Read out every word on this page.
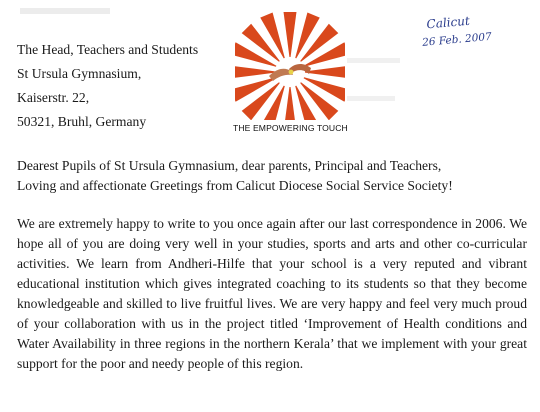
The Head, Teachers and Students
St Ursula Gymnasium,
Kaiserstr. 22,
50321, Bruhl, Germany	THE EMPOWERING TOUCH
Calicut
26 Feb. 2007
Dearest Pupils of St Ursula Gymnasium, dear parents, Principal and Teachers,
Loving and affectionate Greetings from Calicut Diocese Social Service Society!

We are extremely happy to write to you once again after our last correspondence in 2006. We hope all of you are doing very well in your studies, sports and arts and other co-curricular activities. We learn from Andheri-Hilfe that your school is a very reputed and vibrant educational institution which gives integrated coaching to its students so that they become knowledgeable and skilled to live fruitful lives. We are very happy and feel very much proud of your collaboration with us in the project titled ‘Improvement of Health conditions and Water Availability in three regions in the northern Kerala’ that we implement with your great support for the poor and needy people of this region.
